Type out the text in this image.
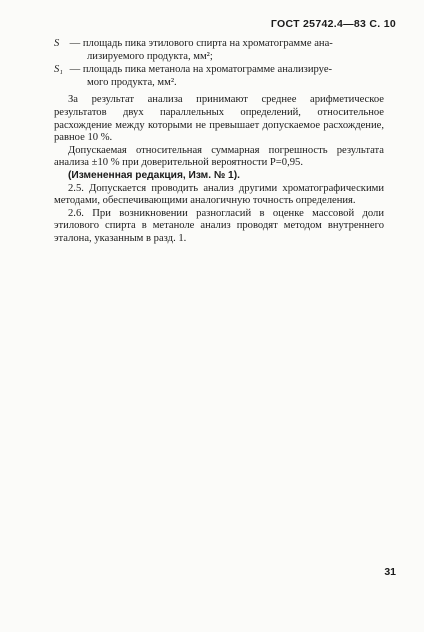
ГОСТ 25742.4—83 С. 10
S — площадь пика этилового спирта на хроматограмме ана-
лизируемого продукта, мм²;
S₁ — площадь пика метанола на хроматограмме анализируе-
мого продукта, мм².

За результат анализа принимают среднее арифметическое результатов двух параллельных определений, относительное расхождение между которыми не превышает допускаемое расхождение, равное 10 %.

Допускаемая относительная суммарная погрешность результата анализа ±10 % при доверительной вероятности P=0,95.

(Измененная редакция, Изм. № 1).

2.5. Допускается проводить анализ другими хроматографическими методами, обеспечивающими аналогичную точность определения.

2.6. При возникновении разногласий в оценке массовой доли этилового спирта в метаноле анализ проводят методом внутреннего эталона, указанным в разд. 1.

31
